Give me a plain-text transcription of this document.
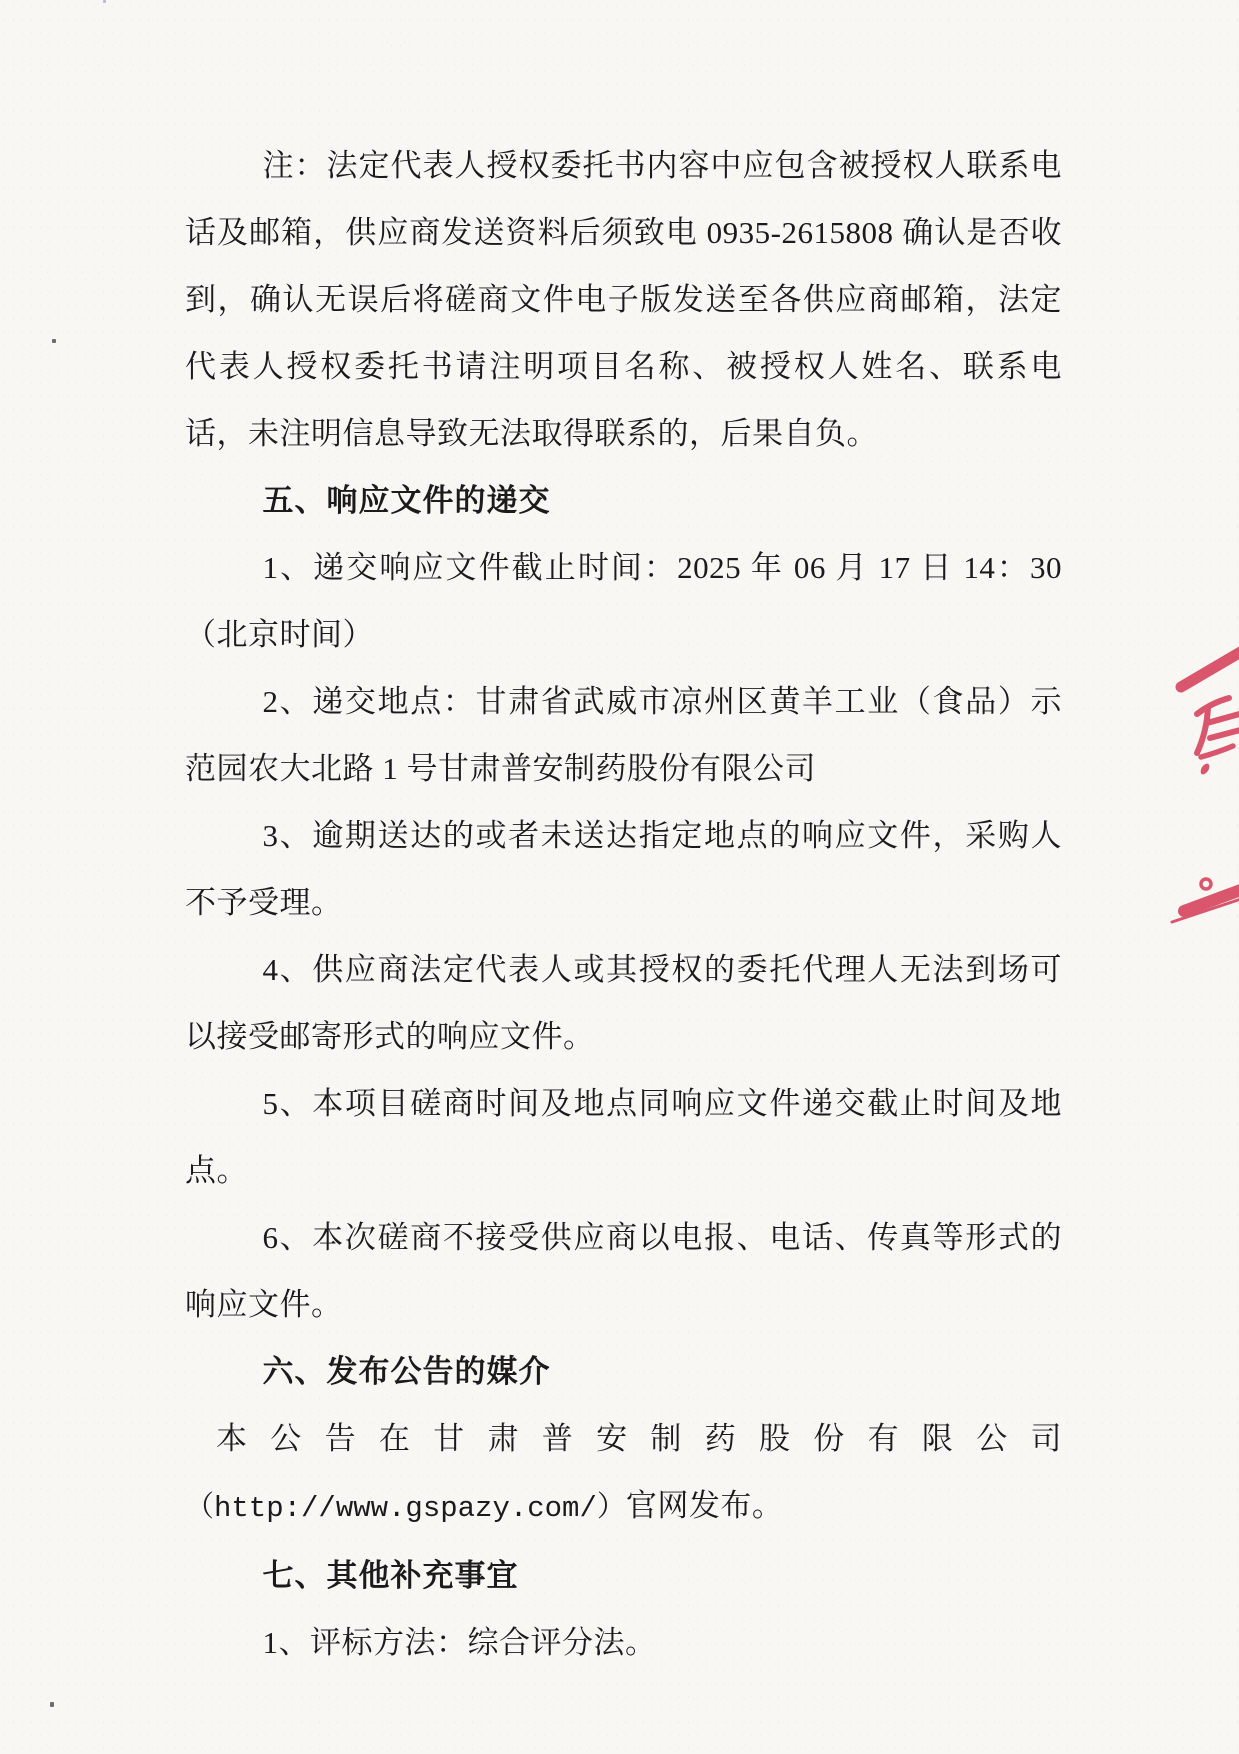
注：法定代表人授权委托书内容中应包含被授权人联系电话及邮箱，供应商发送资料后须致电 0935-2615808 确认是否收到，确认无误后将磋商文件电子版发送至各供应商邮箱，法定代表人授权委托书请注明项目名称、被授权人姓名、联系电话，未注明信息导致无法取得联系的，后果自负。

五、响应文件的递交

1、递交响应文件截止时间：2025 年 06 月 17 日 14：30（北京时间）

2、递交地点：甘肃省武威市凉州区黄羊工业（食品）示范园农大北路 1 号甘肃普安制药股份有限公司

3、逾期送达的或者未送达指定地点的响应文件，采购人不予受理。

4、供应商法定代表人或其授权的委托代理人无法到场可以接受邮寄形式的响应文件。

5、本项目磋商时间及地点同响应文件递交截止时间及地点。

6、本次磋商不接受供应商以电报、电话、传真等形式的响应文件。

六、发布公告的媒介

本公告在甘肃普安制药股份有限公司

（http://www.gspazy.com/）官网发布。

七、其他补充事宜

1、评标方法：综合评分法。
